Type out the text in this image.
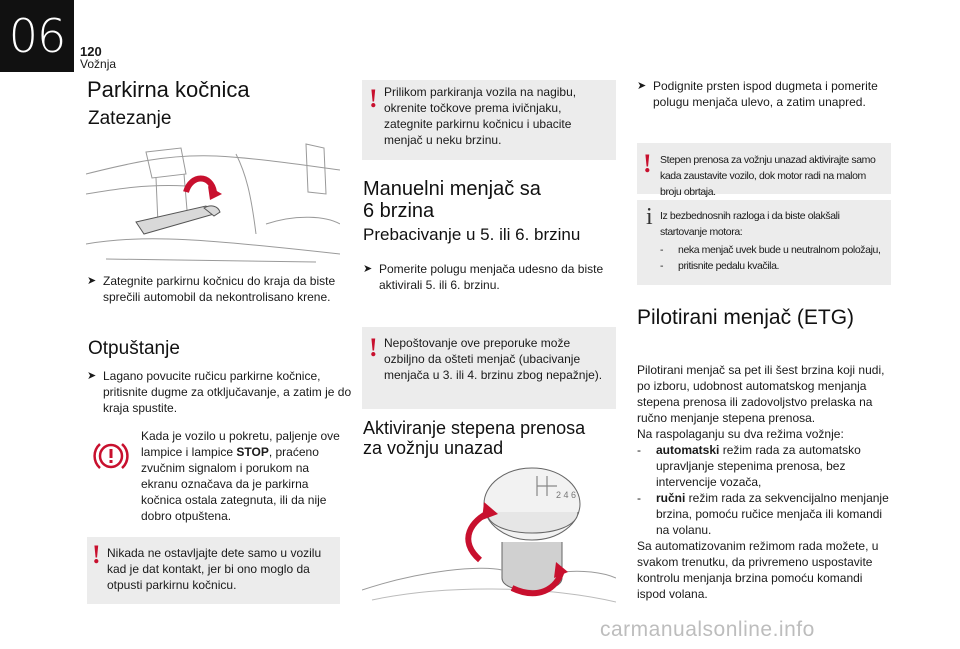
06	120
Vožnja
Parkirna kočnica
Zatezanje
➤ Zategnite parkirnu kočnicu do kraja da biste sprečili automobil da nekontrolisano krene.
Otpuštanje
➤ Lagano povucite ručicu parkirne kočnice, pritisnite dugme za otključavanje, a zatim je do kraja spustite.
Kada je vozilo u pokretu, paljenje ove lampice i lampice STOP, praćeno zvučnim signalom i porukom na ekranu označava da je parkirna kočnica ostala zategnuta, ili da nije dobro otpuštena.
! Nikada ne ostavljajte dete samo u vozilu kad je dat kontakt, jer bi ono moglo da otpusti parkirnu kočnicu.
! Prilikom parkiranja vozila na nagibu, okrenite točkove prema ivičnjaku, zategnite parkirnu kočnicu i ubacite menjač u neku brzinu.
Manuelni menjač sa
6 brzina
Prebacivanje u 5. ili 6. brzinu
➤ Pomerite polugu menjača udesno da biste aktivirali 5. ili 6. brzinu.
! Nepoštovanje ove preporuke može ozbiljno da ošteti menjač (ubacivanje menjača u 3. ili 4. brzinu zbog nepažnje).
Aktiviranje stepena prenosa
za vožnju unazad
2 4 6
➤ Podignite prsten ispod dugmeta i pomerite polugu menjača ulevo, a zatim unapred.
! Stepen prenosa za vožnju unazad aktivirajte samo kada zaustavite vozilo, dok motor radi na malom broju obrtaja.
i Iz bezbednosnih razloga i da biste olakšali startovanje motora:
- neka menjač uvek bude u neutralnom položaju,
- pritisnite pedalu kvačila.
Pilotirani menjač (ETG)
Pilotirani menjač sa pet ili šest brzina koji nudi, po izboru, udobnost automatskog menjanja stepena prenosa ili zadovoljstvo prelaska na ručno menjanje stepena prenosa.
Na raspolaganju su dva režima vožnje:
- automatski režim rada za automatsko upravljanje stepenima prenosa, bez intervencije vozača,
- ručni režim rada za sekvencijalno menjanje brzina, pomoću ručice menjača ili komandi na volanu.
Sa automatizovanim režimom rada možete, u svakom trenutku, da privremeno uspostavite kontrolu menjanja brzina pomoću komandi ispod volana.
carmanualsonline.info
